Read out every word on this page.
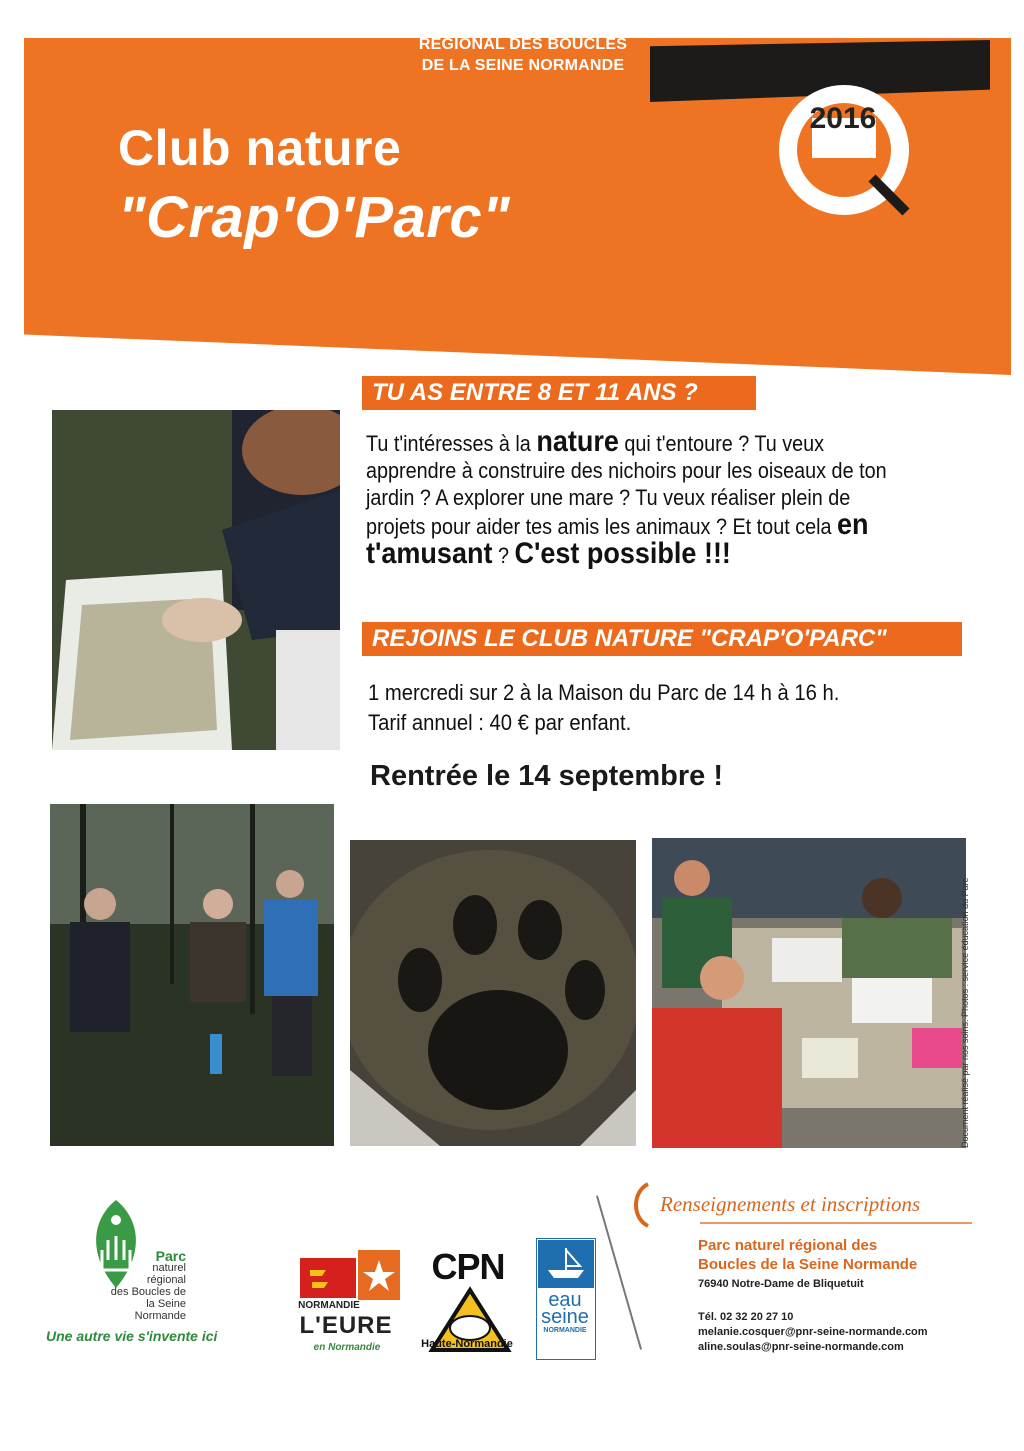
RÉGIONAL DES BOUCLES
DE LA SEINE NORMANDE
Club nature
"Crap'O'Parc"
2016
TU AS ENTRE 8 ET 11 ANS ?
Tu t'intéresses à la nature qui t'entoure ? Tu veux apprendre à construire des nichoirs pour les oiseaux de ton jardin ? A explorer une mare ? Tu veux réaliser plein de projets pour aider tes amis les animaux ? Et tout cela en t'amusant ? C'est possible !!!
REJOINS LE CLUB NATURE "CRAP'O'PARC"
1 mercredi sur 2 à la Maison du Parc de 14 h à 16 h.
Tarif annuel : 40 € par enfant.
Rentrée le 14 septembre !
Document réalisé par nos soins. Photos : service éducation du Parc
Parc
naturel
régional
des Boucles de
la Seine Normande
Une autre vie s'invente ici
NORMANDIE
L'EURE
en Normandie
CPN
Haute-Normandie
eau
seine
NORMANDIE
Renseignements et inscriptions
Parc naturel régional des
Boucles de la Seine Normande
76940 Notre-Dame de Bliquetuit
Tél. 02 32 20 27 10
melanie.cosquer@pnr-seine-normande.com
aline.soulas@pnr-seine-normande.com
